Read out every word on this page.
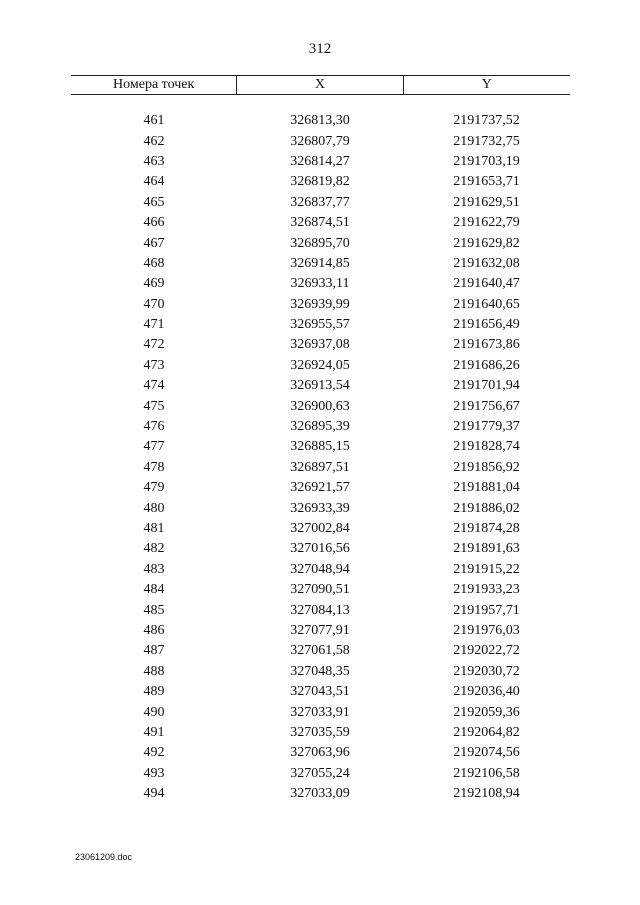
312
Номера точек	X	Y
461	326813,30	2191737,52
462	326807,79	2191732,75
463	326814,27	2191703,19
464	326819,82	2191653,71
465	326837,77	2191629,51
466	326874,51	2191622,79
467	326895,70	2191629,82
468	326914,85	2191632,08
469	326933,11	2191640,47
470	326939,99	2191640,65
471	326955,57	2191656,49
472	326937,08	2191673,86
473	326924,05	2191686,26
474	326913,54	2191701,94
475	326900,63	2191756,67
476	326895,39	2191779,37
477	326885,15	2191828,74
478	326897,51	2191856,92
479	326921,57	2191881,04
480	326933,39	2191886,02
481	327002,84	2191874,28
482	327016,56	2191891,63
483	327048,94	2191915,22
484	327090,51	2191933,23
485	327084,13	2191957,71
486	327077,91	2191976,03
487	327061,58	2192022,72
488	327048,35	2192030,72
489	327043,51	2192036,40
490	327033,91	2192059,36
491	327035,59	2192064,82
492	327063,96	2192074,56
493	327055,24	2192106,58
494	327033,09	2192108,94
23061209.doc
